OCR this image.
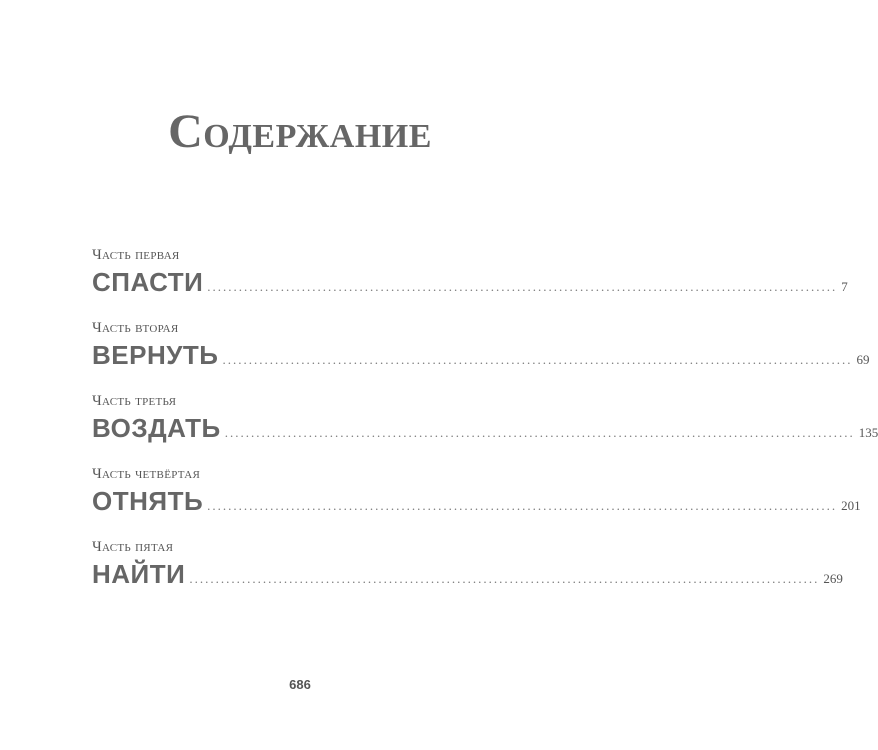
Содержание
Часть первая
СПАСТИ ........................................................................................................................ 7
Часть вторая
ВЕРНУТЬ ........................................................................................................................ 69
Часть третья
ВОЗДАТЬ ........................................................................................................................ 135
Часть четвёртая
ОТНЯТЬ ........................................................................................................................ 201
Часть пятая
НАЙТИ ........................................................................................................................ 269
686
